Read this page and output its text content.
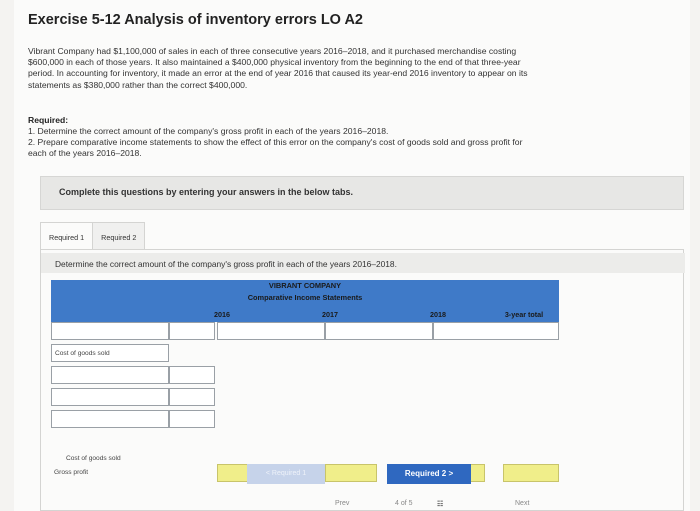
Exercise 5-12 Analysis of inventory errors LO A2
Vibrant Company had $1,100,000 of sales in each of three consecutive years 2016–2018, and it purchased merchandise costing
$600,000 in each of those years. It also maintained a $400,000 physical inventory from the beginning to the end of that three-year
period. In accounting for inventory, it made an error at the end of year 2016 that caused its year-end 2016 inventory to appear on its
statements as $380,000 rather than the correct $400,000.
Required:
1. Determine the correct amount of the company's gross profit in each of the years 2016–2018.
2. Prepare comparative income statements to show the effect of this error on the company's cost of goods sold and gross profit for
each of the years 2016–2018.
Complete this questions by entering your answers in the below tabs.
Required 1	Required 2
Determine the correct amount of the company's gross profit in each of the years 2016–2018.
VIBRANT COMPANY
Comparative Income Statements
2016	2017	2018	3-year total
Cost of goods sold
Cost of goods sold
Gross profit	< Required 1	Required 2 >
Prev	4 of 5	☷	Next
